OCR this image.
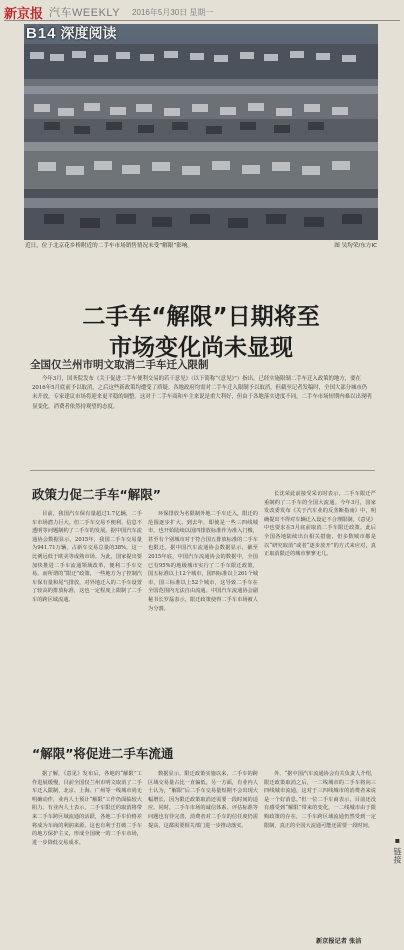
新京报 汽车WEEKLY 2016年5月30日 星期一
B14 深度阅读
近日，位于北京花乡桥附近的二手车市场销售情况未受“解限”影响。	图 吴均荣/东方IC
二手车“解限”日期将至
市场变化尚未显现
全国仅兰州市明文取消二手车迁入限制

今年3月，国务院发布《关于促进二手车便利交易的若干意见》（以下简称“《意见》”）指出，已经实施限制二手车迁入政策的地方，要在2016年5月底前予以取消，之后这些新政策均遭受了质疑。各地政府均需对二手车迁入限制予以取消，但截至记者发稿时，全国大部分城市仍未开放，专家建议市场将迎来更平稳的调整。这对于二手车商和车主来说是重大利好，但由于各地落实进度不同，二手车市场短期内难以出现明显变化，消费者依然持观望的态度。

政策力促二手车“解限”

目前，我国汽车保有量超过1.7亿辆，二手车市场潜力巨大。但二手车交易不便利、信息不透明等问题制约了二手车的发展。据中国汽车流通协会数据显示，2015年，我国二手车交易量为941.71万辆，占新车交易总量的38%，这一比例远低于欧美等成熟市场。为此，国家提出要加快推进二手车流通领域改革，便利二手车交易。而所谓的“限迁”政策，一些地方为了控制汽车保有量和尾气排放，对外地迁入的二手车设置了较高的排放标准，这也一定程度上限制了二手车的跨区域流通。

环保排放为名限制外地二手车迁入，限迁的范围逐步扩大。到去年，即使是一些三四线城市，也开始陆续以国四排放标准作为准入门槛，甚至有个别城市对于符合国五排放标准的二手车也限迁。据中国汽车流通协会数据显示，截至2015年底，中国汽车流通协会的数据中，全国已有95%的地级城市实行了二手车限迁政策，国五标准以上12个城市，国四标准以上261个城市，国三标准以上52个城市，这导致二手车在全国范围内无法自由流通。中国汽车流通协会副秘书长罗磊表示，限迁政策使得二手车市场被人为分割。

长沈荣此前接受采访时表示，二手车限迁严重制约了二手车的全国大流通。今年3月，国家发改委发布《关于汽车业的反垄断指南》中，明确提出不得对车辆迁入设定不合理限制，《意见》中也要求在5月底前取消二手车限迁政策。此后全国各地陆续出台相关措施，但多数城市都是以“研究取消”或者“逐步放开”的方式来应对，真正取消限迁的城市寥寥无几。

“解限”将促进二手车流通

据了解，《意见》发布后，各地的“解限”工作进展缓慢，目前全国仅兰州市明文取消了二手车迁入限制，北京、上海、广州等一线城市尚无明确动作，业内人士预计“解限”工作仍面临较大阻力。有业内人士表示，二手车限迁的取消将带来二手车跨区域流通的活跃，各地二手车价格差将成为车商的利润来源，这也有利于打破二手车的地方保护主义，形成全国统一的二手车市场，进一步降低交易成本。

数据显示，限迁政策实施以来，二手车的跨区域交易量占比一直偏低。另一方面，有业内人士认为，“解限”后二手车交易量短期不会出现大幅增长，因为限迁政策取消还需要一段时间的适应。同时，二手车市场的诚信体系、评估标准等问题也有待完善，消费者对二手车的信任度仍需提高，这都需要相关部门进一步推动落实。

外，“据中国汽车流通协会有关负责人介绍，限迁政策取消之后，一二线城市的二手车将向三四线城市流通，这对于三四线城市的消费者来说是一个好消息。”但一位二手车商表示，目前还没有感受到“解限”带来的变化，一二线城市由于限购政策的存在，二手车跨区域流通仍然受到一定限制，真正的全国大流通可能还需要一段时间。

▪ 链接
新京报记者 张洁
